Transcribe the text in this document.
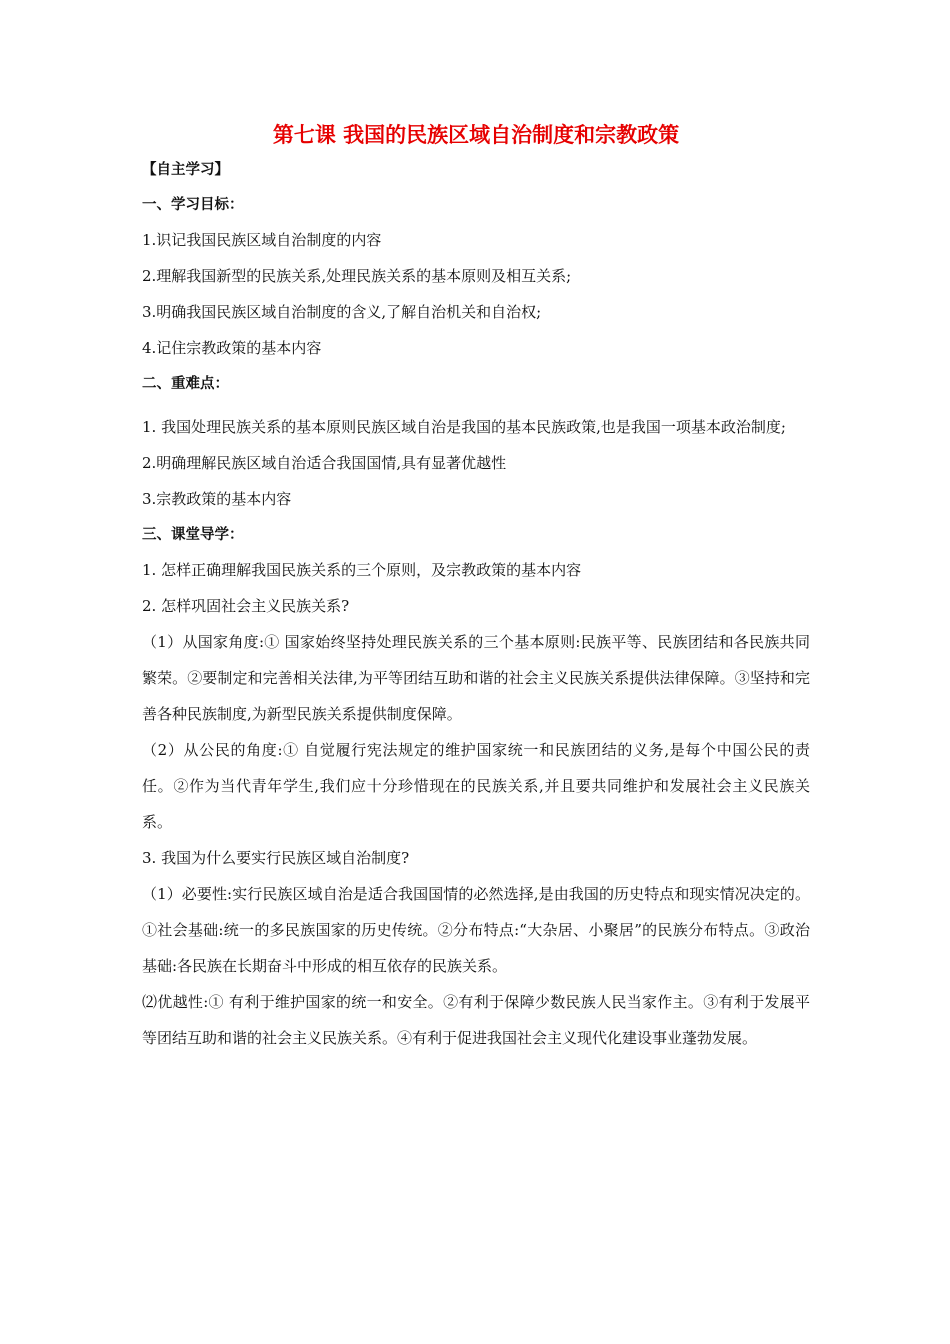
第七课 我国的民族区域自治制度和宗教政策
【自主学习】
一、学习目标：
1.识记我国民族区域自治制度的内容
2.理解我国新型的民族关系,处理民族关系的基本原则及相互关系;
3.明确我国民族区域自治制度的含义,了解自治机关和自治权;
4.记住宗教政策的基本内容
二、重难点：
1. 我国处理民族关系的基本原则民族区域自治是我国的基本民族政策,也是我国一项基本政治制度;
2.明确理解民族区域自治适合我国国情,具有显著优越性
3.宗教政策的基本内容
三、课堂导学：
1. 怎样正确理解我国民族关系的三个原则，及宗教政策的基本内容
2. 怎样巩固社会主义民族关系?
（1）从国家角度:① 国家始终坚持处理民族关系的三个基本原则:民族平等、民族团结和各民族共同繁荣。②要制定和完善相关法律,为平等团结互助和谐的社会主义民族关系提供法律保障。③坚持和完善各种民族制度,为新型民族关系提供制度保障。
（2）从公民的角度:① 自觉履行宪法规定的维护国家统一和民族团结的义务,是每个中国公民的责任。②作为当代青年学生,我们应十分珍惜现在的民族关系,并且要共同维护和发展社会主义民族关系。
3. 我国为什么要实行民族区域自治制度?
（1）必要性:实行民族区域自治是适合我国国情的必然选择,是由我国的历史特点和现实情况决定的。①社会基础:统一的多民族国家的历史传统。②分布特点:“大杂居、小聚居”的民族分布特点。③政治基础:各民族在长期奋斗中形成的相互依存的民族关系。
⑵优越性:① 有利于维护国家的统一和安全。②有利于保障少数民族人民当家作主。③有利于发展平等团结互助和谐的社会主义民族关系。④有利于促进我国社会主义现代化建设事业蓬勃发展。
